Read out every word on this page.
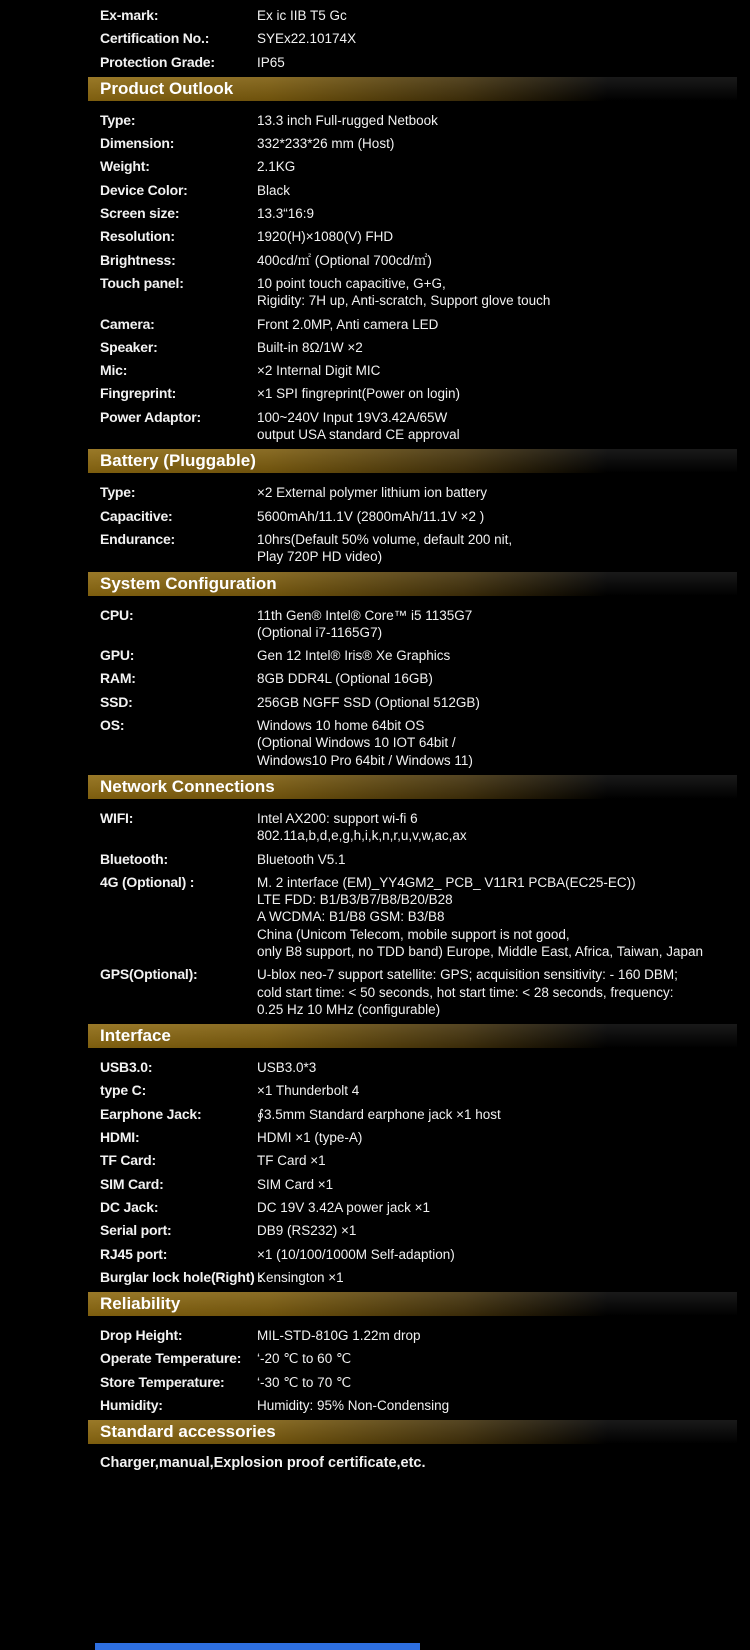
Ex-mark:	Ex ic IIB T5 Gc
Certification No.:	SYEx22.10174X
Protection Grade:	IP65
Product Outlook
Type:	13.3 inch Full-rugged Netbook
Dimension:	332*233*26 mm (Host)
Weight:	2.1KG
Device Color:	Black
Screen size:	13.3“16:9
Resolution:	1920(H)×1080(V) FHD
Brightness:	400cd/㎡ (Optional 700cd/㎡)
Touch panel:	10 point touch capacitive, G+G,
Rigidity: 7H up, Anti-scratch, Support glove touch
Camera:	Front 2.0MP, Anti camera LED
Speaker:	Built-in 8Ω/1W ×2
Mic:	×2 Internal Digit MIC
Fingreprint:	×1 SPI fingreprint(Power on login)
Power Adaptor:	100~240V Input 19V3.42A/65W
output USA standard CE approval
Battery (Pluggable)
Type:	×2 External polymer lithium ion battery
Capacitive:	5600mAh/11.1V (2800mAh/11.1V ×2 )
Endurance:	10hrs(Default 50% volume, default 200 nit,
Play 720P HD video)
System Configuration
CPU:	11th Gen® Intel® Core™ i5 1135G7
(Optional i7-1165G7)
GPU:	Gen 12 Intel® Iris® Xe Graphics
RAM:	8GB DDR4L (Optional 16GB)
SSD:	256GB NGFF SSD (Optional 512GB)
OS:	Windows 10 home 64bit OS
(Optional Windows 10 IOT 64bit /
Windows10 Pro 64bit / Windows 11)
Network Connections
WIFI:	Intel AX200: support wi-fi 6
802.11a,b,d,e,g,h,i,k,n,r,u,v,w,ac,ax
Bluetooth:	Bluetooth V5.1
4G (Optional) :	M. 2 interface (EM)_YY4GM2_ PCB_ V11R1 PCBA(EC25-EC))
LTE FDD: B1/B3/B7/B8/B20/B28
A WCDMA: B1/B8 GSM: B3/B8
China (Unicom Telecom, mobile support is not good,
only B8 support, no TDD band) Europe, Middle East, Africa, Taiwan, Japan
GPS(Optional):	U-blox neo-7 support satellite: GPS; acquisition sensitivity: - 160 DBM;
cold start time: < 50 seconds, hot start time: < 28 seconds, frequency:
0.25 Hz 10 MHz (configurable)
Interface
USB3.0:	USB3.0*3
type C:	×1 Thunderbolt 4
Earphone Jack:	∮3.5mm Standard earphone jack ×1 host
HDMI:	HDMI ×1 (type-A)
TF Card:	TF Card ×1
SIM Card:	SIM Card ×1
DC Jack:	DC 19V 3.42A power jack ×1
Serial port:	DB9 (RS232) ×1
RJ45 port:	×1 (10/100/1000M Self-adaption)
Burglar lock hole(Right) :
Kensington ×1
Reliability
Drop Height:	MIL-STD-810G 1.22m drop
Operate Temperature:	‘-20 ℃ to 60 ℃
Store Temperature:	‘-30 ℃ to 70 ℃
Humidity:	Humidity: 95% Non-Condensing
Standard accessories
Charger,manual,Explosion proof certificate,etc.
